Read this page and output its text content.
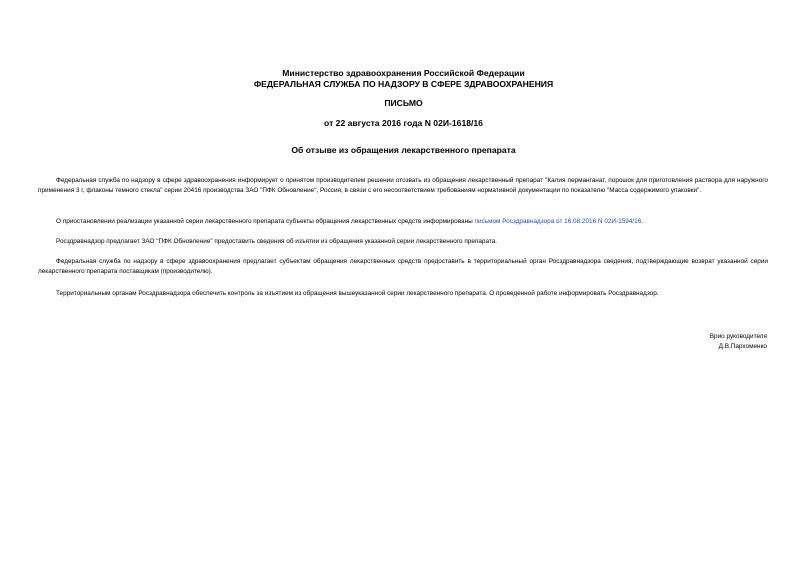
Министерство здравоохранения Российской Федерации
ФЕДЕРАЛЬНАЯ СЛУЖБА ПО НАДЗОРУ В СФЕРЕ ЗДРАВООХРАНЕНИЯ
ПИСЬМО
от 22 августа 2016 года N 02И-1618/16
Об отзыве из обращения лекарственного препарата

Федеральная служба по надзору в сфере здравоохранения информирует о принятом производителем решении отозвать из обращения лекарственный препарат "Калия перманганат, порошок для приготовления раствора для наружного применения 3 г, флаконы темного стекла" серии 20416 производства ЗАО "ПФК Обновление", Россия, в связи с его несоответствием требованиям нормативной документации по показателю "Масса содержимого упаковки".

О приостановлении реализации указанной серии лекарственного препарата субъекты обращения лекарственных средств информированы письмом Росздравнадзора от 16.08.2016 N 02И-1594/16.

Росздравнадзор предлагает ЗАО "ПФК Обновление" предоставить сведения об изъятии из обращения указанной серии лекарственного препарата.

Федеральная служба по надзору в сфере здравоохранения предлагает субъектам обращения лекарственных средств предоставить в территориальный орган Росздравнадзора сведения, подтверждающие возврат указанной серии лекарственного препарата поставщикам (производителю).

Территориальным органам Росздравнадзора обеспечить контроль за изъятием из обращения вышеуказанной серии лекарственного препарата. О проведенной работе информировать Росздравнадзор.

Врио руководителя
Д.В.Пархоменко
